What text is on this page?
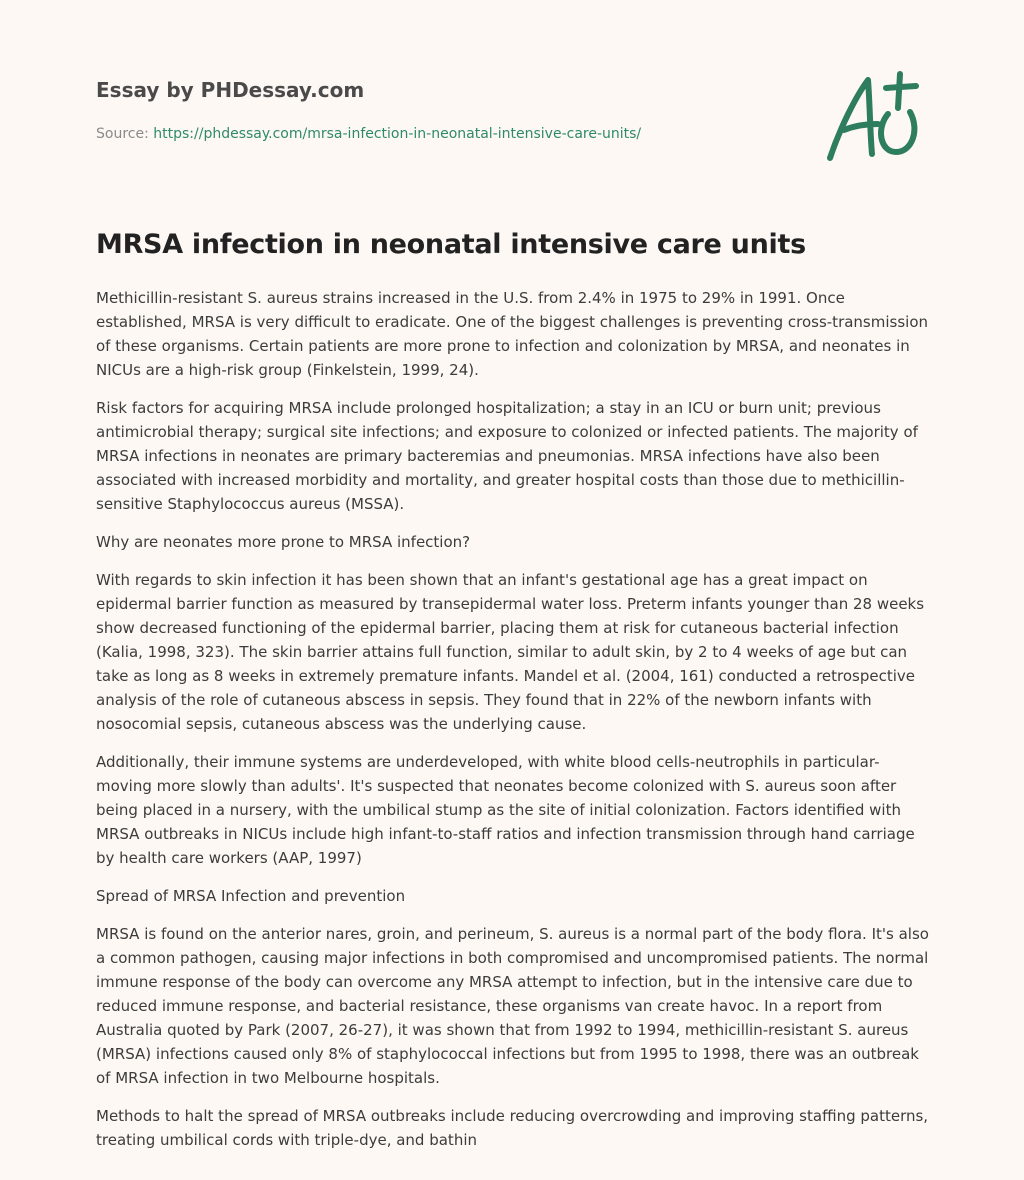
Essay by PHDessay.com
Source: https://phdessay.com/mrsa-infection-in-neonatal-intensive-care-units/
MRSA infection in neonatal intensive care units

Methicillin-resistant S. aureus strains increased in the U.S. from 2.4% in 1975 to 29% in 1991. Once established, MRSA is very difficult to eradicate. One of the biggest challenges is preventing cross-transmission of these organisms. Certain patients are more prone to infection and colonization by MRSA, and neonates in NICUs are a high-risk group (Finkelstein, 1999, 24).

Risk factors for acquiring MRSA include prolonged hospitalization; a stay in an ICU or burn unit; previous antimicrobial therapy; surgical site infections; and exposure to colonized or infected patients. The majority of MRSA infections in neonates are primary bacteremias and pneumonias. MRSA infections have also been associated with increased morbidity and mortality, and greater hospital costs than those due to methicillin-sensitive Staphylococcus aureus (MSSA).

Why are neonates more prone to MRSA infection?

With regards to skin infection it has been shown that an infant's gestational age has a great impact on epidermal barrier function as measured by transepidermal water loss. Preterm infants younger than 28 weeks show decreased functioning of the epidermal barrier, placing them at risk for cutaneous bacterial infection (Kalia, 1998, 323). The skin barrier attains full function, similar to adult skin, by 2 to 4 weeks of age but can take as long as 8 weeks in extremely premature infants. Mandel et al. (2004, 161) conducted a retrospective analysis of the role of cutaneous abscess in sepsis. They found that in 22% of the newborn infants with nosocomial sepsis, cutaneous abscess was the underlying cause.

Additionally, their immune systems are underdeveloped, with white blood cells-neutrophils in particular-moving more slowly than adults'. It's suspected that neonates become colonized with S. aureus soon after being placed in a nursery, with the umbilical stump as the site of initial colonization. Factors identified with MRSA outbreaks in NICUs include high infant-to-staff ratios and infection transmission through hand carriage by health care workers (AAP, 1997)

Spread of MRSA Infection and prevention

MRSA is found on the anterior nares, groin, and perineum, S. aureus is a normal part of the body flora. It's also a common pathogen, causing major infections in both compromised and uncompromised patients. The normal immune response of the body can overcome any MRSA attempt to infection, but in the intensive care due to reduced immune response, and bacterial resistance, these organisms van create havoc. In a report from Australia quoted by Park (2007, 26-27), it was shown that from 1992 to 1994, methicillin-resistant S. aureus (MRSA) infections caused only 8% of staphylococcal infections but from 1995 to 1998, there was an outbreak of MRSA infection in two Melbourne hospitals.

Methods to halt the spread of MRSA outbreaks include reducing overcrowding and improving staffing patterns, treating umbilical cords with triple-dye, and bathin
